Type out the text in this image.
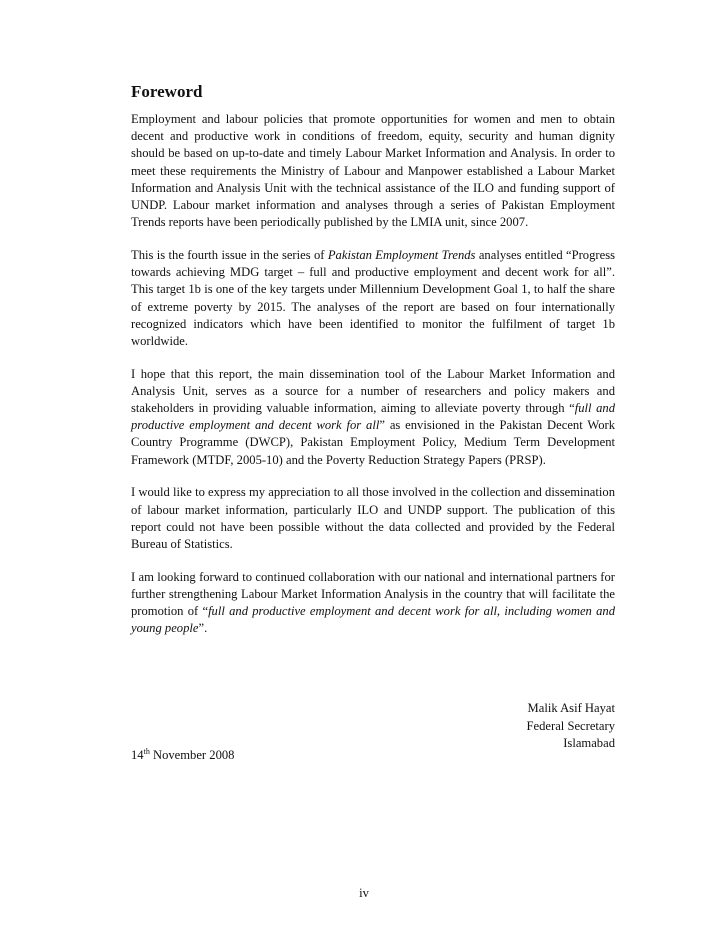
Foreword

Employment and labour policies that promote opportunities for women and men to obtain decent and productive work in conditions of freedom, equity, security and human dignity should be based on up-to-date and timely Labour Market Information and Analysis. In order to meet these requirements the Ministry of Labour and Manpower established a Labour Market Information and Analysis Unit with the technical assistance of the ILO and funding support of UNDP. Labour market information and analyses through a series of Pakistan Employment Trends reports have been periodically published by the LMIA unit, since 2007.

This is the fourth issue in the series of Pakistan Employment Trends analyses entitled “Progress towards achieving MDG target – full and productive employment and decent work for all”. This target 1b is one of the key targets under Millennium Development Goal 1, to half the share of extreme poverty by 2015. The analyses of the report are based on four internationally recognized indicators which have been identified to monitor the fulfilment of target 1b worldwide.

I hope that this report, the main dissemination tool of the Labour Market Information and Analysis Unit, serves as a source for a number of researchers and policy makers and stakeholders in providing valuable information, aiming to alleviate poverty through “full and productive employment and decent work for all” as envisioned in the Pakistan Decent Work Country Programme (DWCP), Pakistan Employment Policy, Medium Term Development Framework (MTDF, 2005-10) and the Poverty Reduction Strategy Papers (PRSP).

I would like to express my appreciation to all those involved in the collection and dissemination of labour market information, particularly ILO and UNDP support. The publication of this report could not have been possible without the data collected and provided by the Federal Bureau of Statistics.

I am looking forward to continued collaboration with our national and international partners for further strengthening Labour Market Information Analysis in the country that will facilitate the promotion of “full and productive employment and decent work for all, including women and young people”.

Malik Asif Hayat
Federal Secretary
Islamabad
14th November 2008
iv
